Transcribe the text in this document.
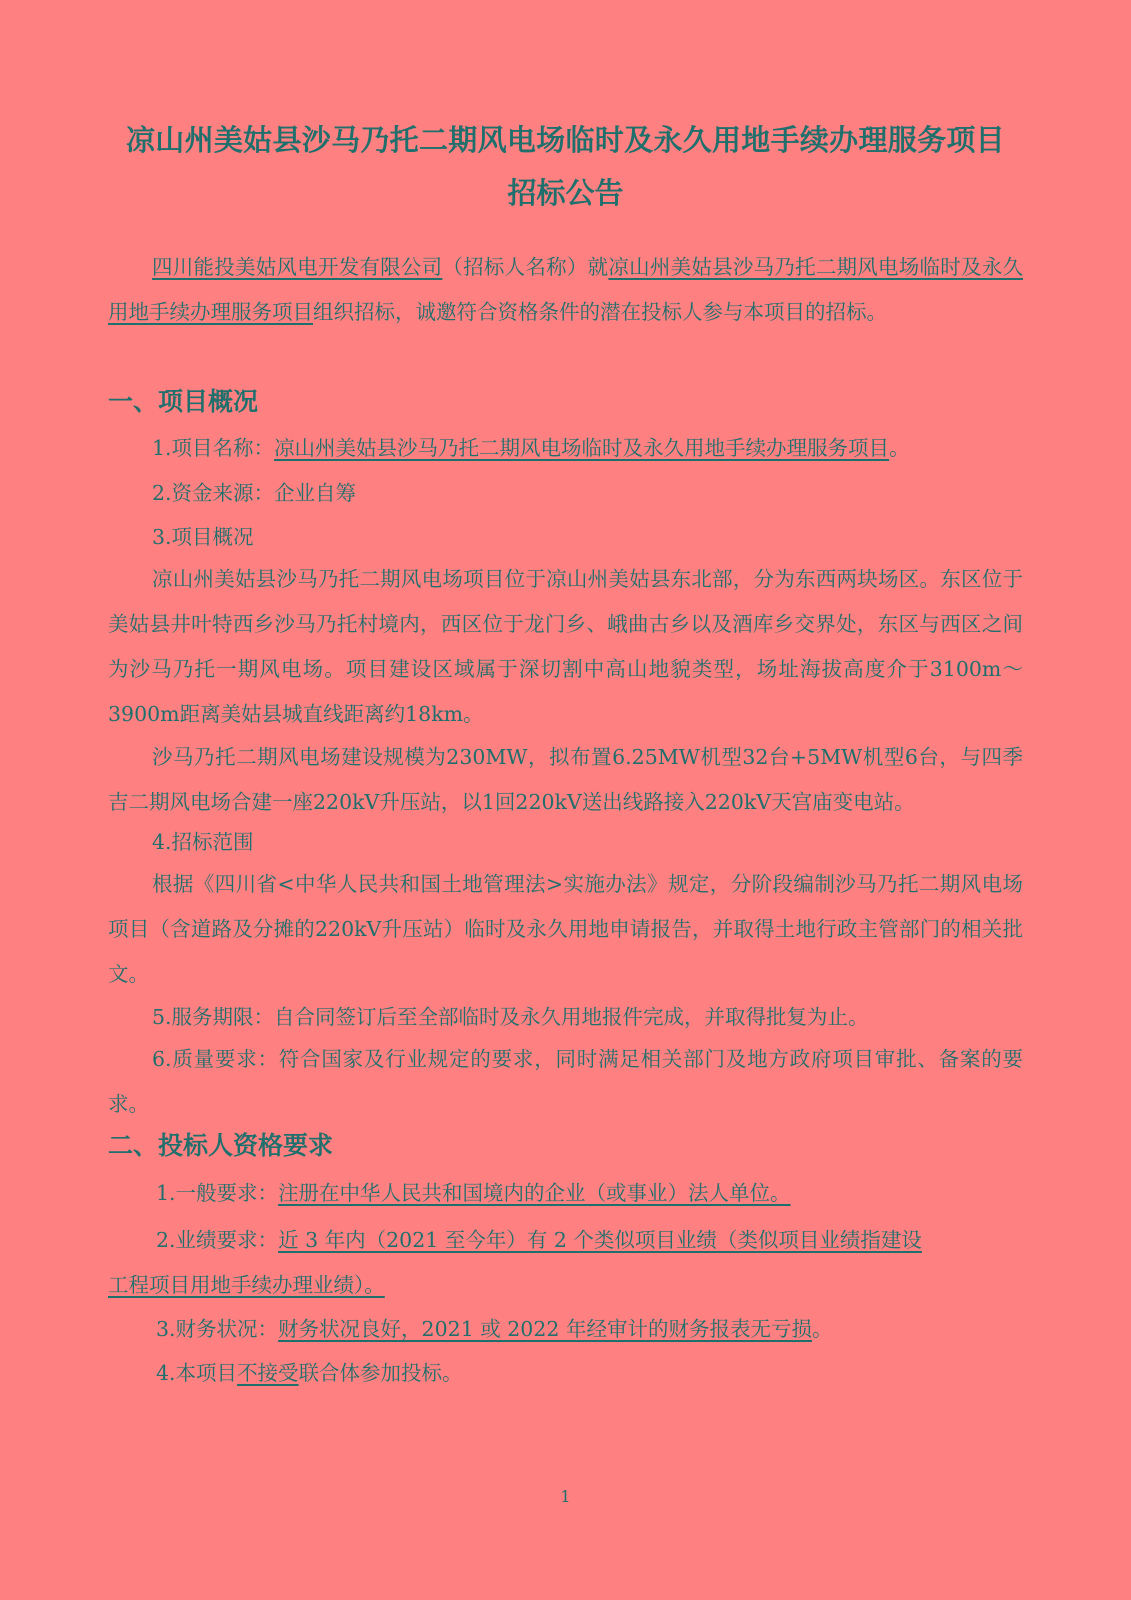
凉山州美姑县沙马乃托二期风电场临时及永久用地手续办理服务项目
招标公告

四川能投美姑风电开发有限公司（招标人名称）就凉山州美姑县沙马乃托二期风电场临时及永久用地手续办理服务项目组织招标，诚邀符合资格条件的潜在投标人参与本项目的招标。

一、项目概况
1.项目名称：凉山州美姑县沙马乃托二期风电场临时及永久用地手续办理服务项目。
2.资金来源：企业自筹
3.项目概况

凉山州美姑县沙马乃托二期风电场项目位于凉山州美姑县东北部，分为东西两块场区。东区位于美姑县井叶特西乡沙马乃托村境内，西区位于龙门乡、峨曲古乡以及酒库乡交界处，东区与西区之间为沙马乃托一期风电场。项目建设区域属于深切割中高山地貌类型，场址海拔高度介于3100m～3900m距离美姑县城直线距离约18km。

沙马乃托二期风电场建设规模为230MW，拟布置6.25MW机型32台+5MW机型6台，与四季吉二期风电场合建一座220kV升压站，以1回220kV送出线路接入220kV天宫庙变电站。

4.招标范围

根据《四川省<中华人民共和国土地管理法>实施办法》规定，分阶段编制沙马乃托二期风电场项目（含道路及分摊的220kV升压站）临时及永久用地申请报告，并取得土地行政主管部门的相关批文。

5.服务期限：自合同签订后至全部临时及永久用地报件完成，并取得批复为止。

6.质量要求：符合国家及行业规定的要求，同时满足相关部门及地方政府项目审批、备案的要求。

二、投标人资格要求
1.一般要求：注册在中华人民共和国境内的企业（或事业）法人单位。
2.业绩要求：近 3 年内（2021 至今年）有 2 个类似项目业绩（类似项目业绩指建设
工程项目用地手续办理业绩）。
3.财务状况：财务状况良好，2021 或 2022 年经审计的财务报表无亏损。
4.本项目不接受联合体参加投标。
1
